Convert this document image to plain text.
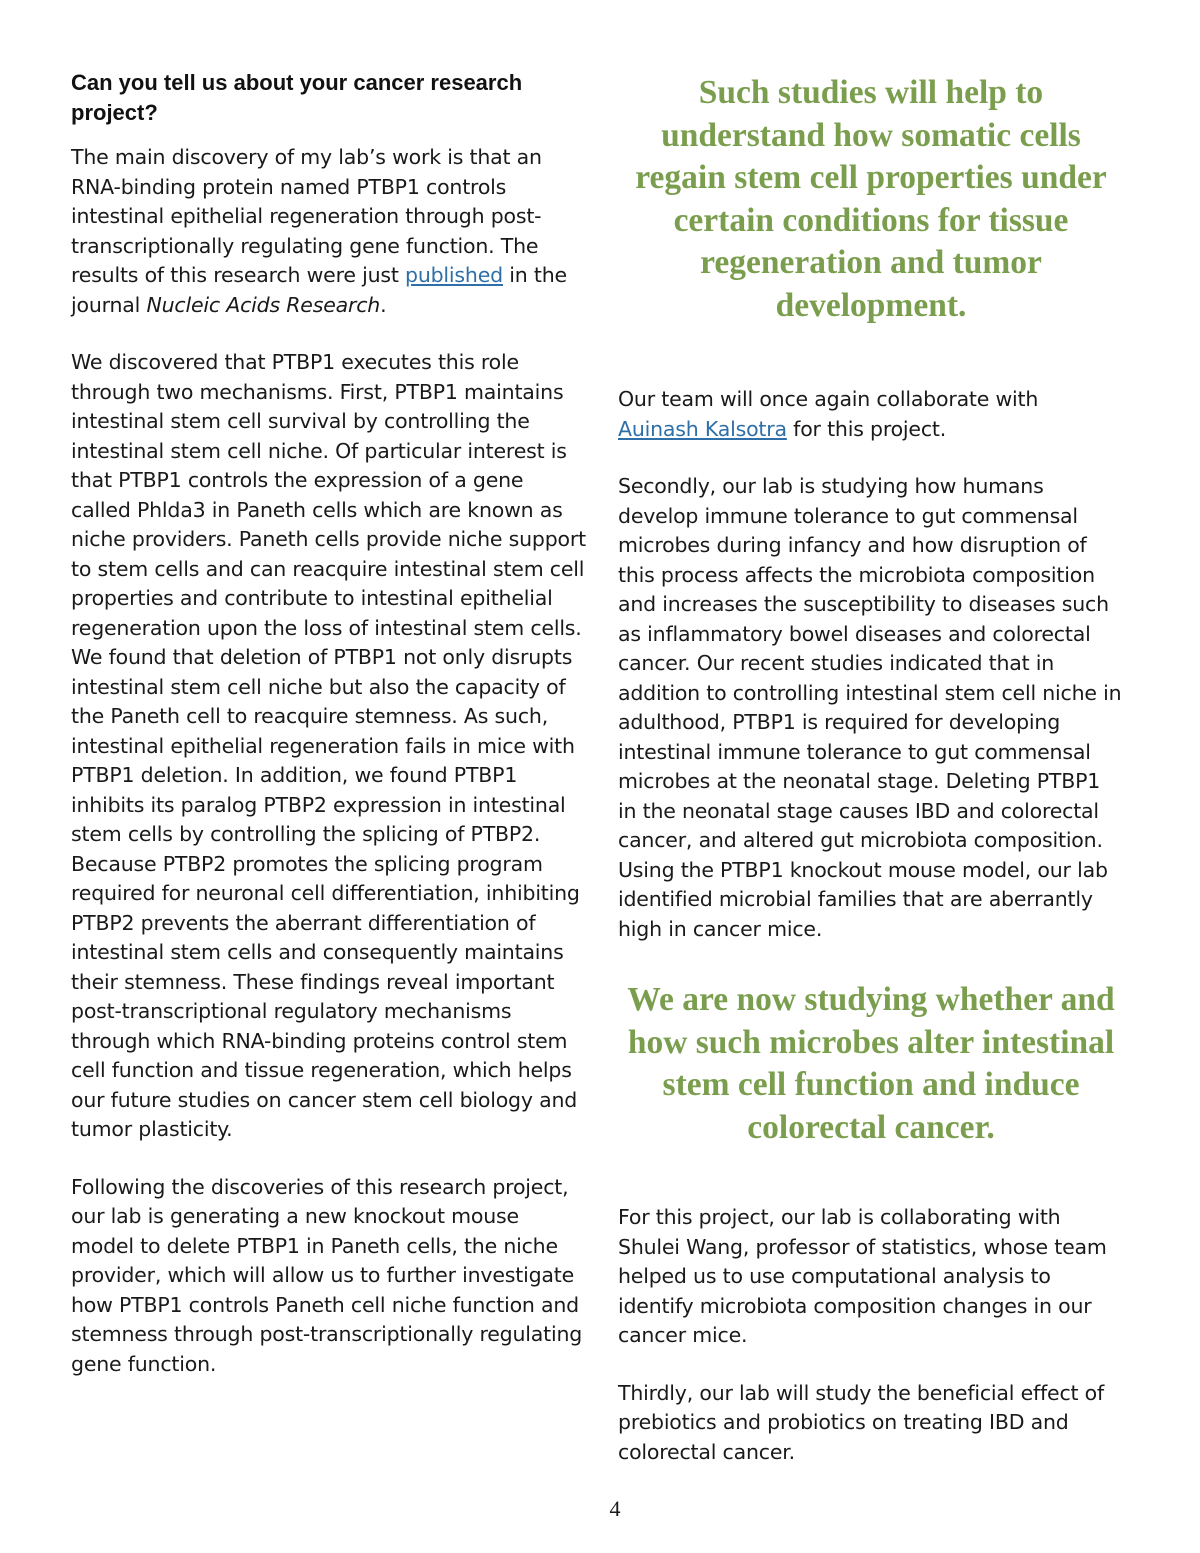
Can you tell us about your cancer research project?

The main discovery of my lab’s work is that an RNA-binding protein named PTBP1 controls intestinal epithelial regeneration through post-transcriptionally regulating gene function. The results of this research were just published in the journal Nucleic Acids Research.

We discovered that PTBP1 executes this role through two mechanisms. First, PTBP1 maintains intestinal stem cell survival by controlling the intestinal stem cell niche. Of particular interest is that PTBP1 controls the expression of a gene called Phlda3 in Paneth cells which are known as niche providers. Paneth cells provide niche support to stem cells and can reacquire intestinal stem cell properties and contribute to intestinal epithelial regeneration upon the loss of intestinal stem cells. We found that deletion of PTBP1 not only disrupts intestinal stem cell niche but also the capacity of the Paneth cell to reacquire stemness. As such, intestinal epithelial regeneration fails in mice with PTBP1 deletion. In addition, we found PTBP1 inhibits its paralog PTBP2 expression in intestinal stem cells by controlling the splicing of PTBP2. Because PTBP2 promotes the splicing program required for neuronal cell differentiation, inhibiting PTBP2 prevents the aberrant differentiation of intestinal stem cells and consequently maintains their stemness. These findings reveal important post-transcriptional regulatory mechanisms through which RNA-binding proteins control stem cell function and tissue regeneration, which helps our future studies on cancer stem cell biology and tumor plasticity.

Following the discoveries of this research project, our lab is generating a new knockout mouse model to delete PTBP1 in Paneth cells, the niche provider, which will allow us to further investigate how PTBP1 controls Paneth cell niche function and stemness through post-transcriptionally regulating gene function.

Such studies will help to understand how somatic cells regain stem cell properties under certain conditions for tissue regeneration and tumor development.

Our team will once again collaborate with Auinash Kalsotra for this project.

Secondly, our lab is studying how humans develop immune tolerance to gut commensal microbes during infancy and how disruption of this process affects the microbiota composition and increases the susceptibility to diseases such as inflammatory bowel diseases and colorectal cancer. Our recent studies indicated that in addition to controlling intestinal stem cell niche in adulthood, PTBP1 is required for developing intestinal immune tolerance to gut commensal microbes at the neonatal stage. Deleting PTBP1 in the neonatal stage causes IBD and colorectal cancer, and altered gut microbiota composition. Using the PTBP1 knockout mouse model, our lab identified microbial families that are aberrantly high in cancer mice.

We are now studying whether and how such microbes alter intestinal stem cell function and induce colorectal cancer.

For this project, our lab is collaborating with Shulei Wang, professor of statistics, whose team helped us to use computational analysis to identify microbiota composition changes in our cancer mice.

Thirdly, our lab will study the beneficial effect of prebiotics and probiotics on treating IBD and colorectal cancer.

4
